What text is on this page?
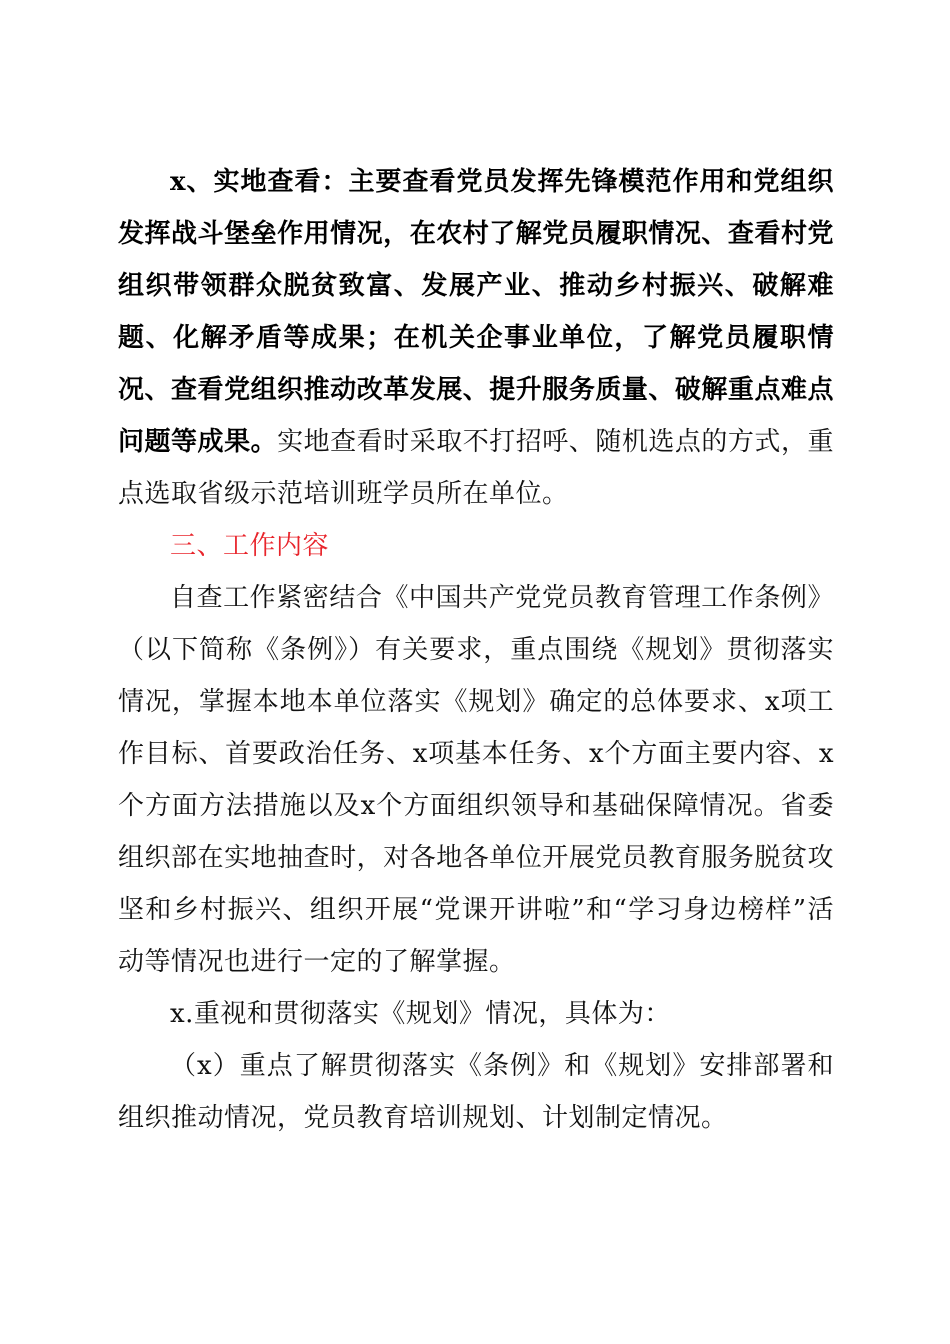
x、实地查看：主要查看党员发挥先锋模范作用和党组织发挥战斗堡垒作用情况，在农村了解党员履职情况、查看村党组织带领群众脱贫致富、发展产业、推动乡村振兴、破解难题、化解矛盾等成果；在机关企事业单位，了解党员履职情况、查看党组织推动改革发展、提升服务质量、破解重点难点问题等成果。实地查看时采取不打招呼、随机选点的方式，重点选取省级示范培训班学员所在单位。

三、工作内容

自查工作紧密结合《中国共产党党员教育管理工作条例》（以下简称《条例》）有关要求，重点围绕《规划》贯彻落实情况，掌握本地本单位落实《规划》确定的总体要求、x项工作目标、首要政治任务、x项基本任务、x个方面主要内容、x个方面方法措施以及x个方面组织领导和基础保障情况。省委组织部在实地抽查时，对各地各单位开展党员教育服务脱贫攻坚和乡村振兴、组织开展“党课开讲啦”和“学习身边榜样”活动等情况也进行一定的了解掌握。

x.重视和贯彻落实《规划》情况，具体为：

（x）重点了解贯彻落实《条例》和《规划》安排部署和组织推动情况，党员教育培训规划、计划制定情况。
